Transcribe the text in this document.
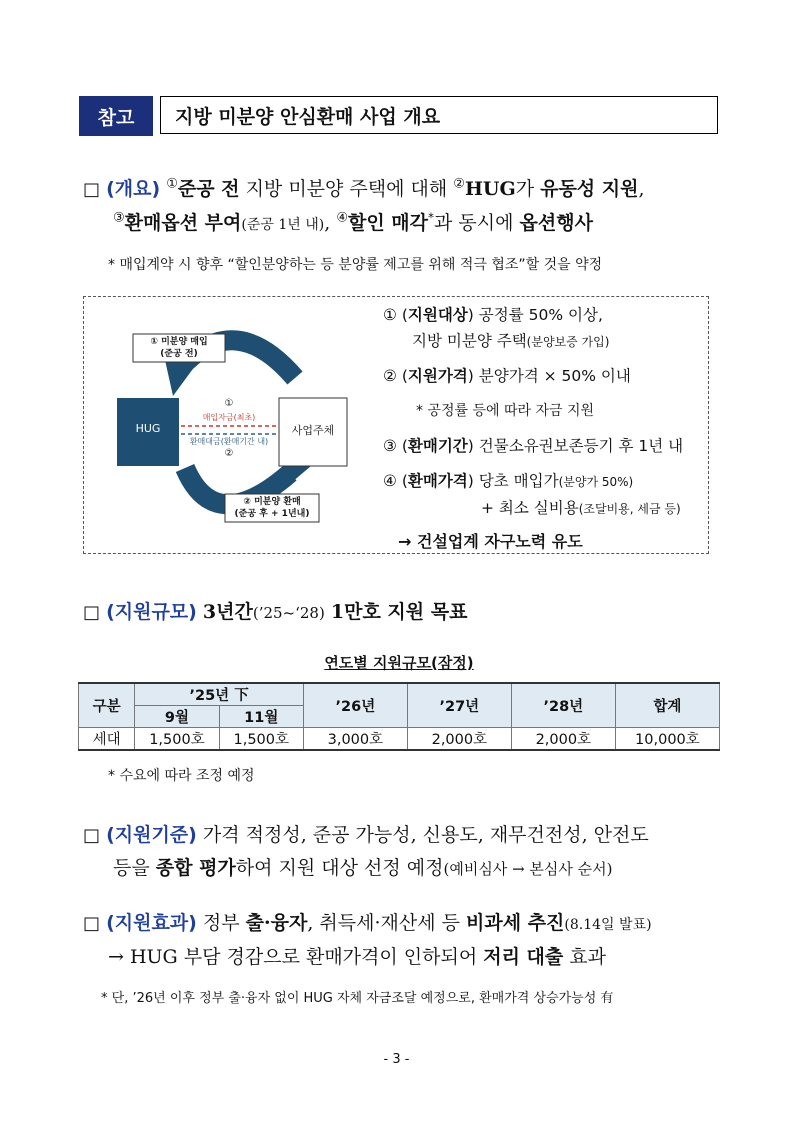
참고	지방 미분양 안심환매 사업 개요
□ (개요) ①준공 전 지방 미분양 주택에 대해 ②HUG가 유동성 지원,
③환매옵션 부여(준공 1년 내), ④할인 매각*과 동시에 옵션행사
* 매입계약 시 향후 “할인분양하는 등 분양률 제고를 위해 적극 협조”할 것을 약정
① 미분양 매입
(준공 전)
HUG	사업주체
①
매입자금(최초)
환매대금(환매기간 내)
②
② 미분양 환매
(준공 후 + 1년내)
① (지원대상) 공정률 50% 이상,
지방 미분양 주택(분양보증 가입)
② (지원가격) 분양가격 × 50% 이내
* 공정률 등에 따라 자금 지원
③ (환매기간) 건물소유권보존등기 후 1년 내
④ (환매가격) 당초 매입가(분양가 50%)
+ 최소 실비용(조달비용, 세금 등)
→ 건설업계 자구노력 유도
□ (지원규모) 3년간(’25~‘28) 1만호 지원 목표
연도별 지원규모(잠정)
구분	’25년 下		’26년	’27년	’28년	합계
	9월	11월				
세대	1,500호	1,500호	3,000호	2,000호	2,000호	10,000호
* 수요에 따라 조정 예정
□ (지원기준) 가격 적정성, 준공 가능성, 신용도, 재무건전성, 안전도
등을 종합 평가하여 지원 대상 선정 예정(예비심사 → 본심사 순서)
□ (지원효과) 정부 출·융자, 취득세·재산세 등 비과세 추진(8.14일 발표)
→ HUG 부담 경감으로 환매가격이 인하되어 저리 대출 효과
* 단, ’26년 이후 정부 출·융자 없이 HUG 자체 자금조달 예정으로, 환매가격 상승가능성 有
- 3 -
